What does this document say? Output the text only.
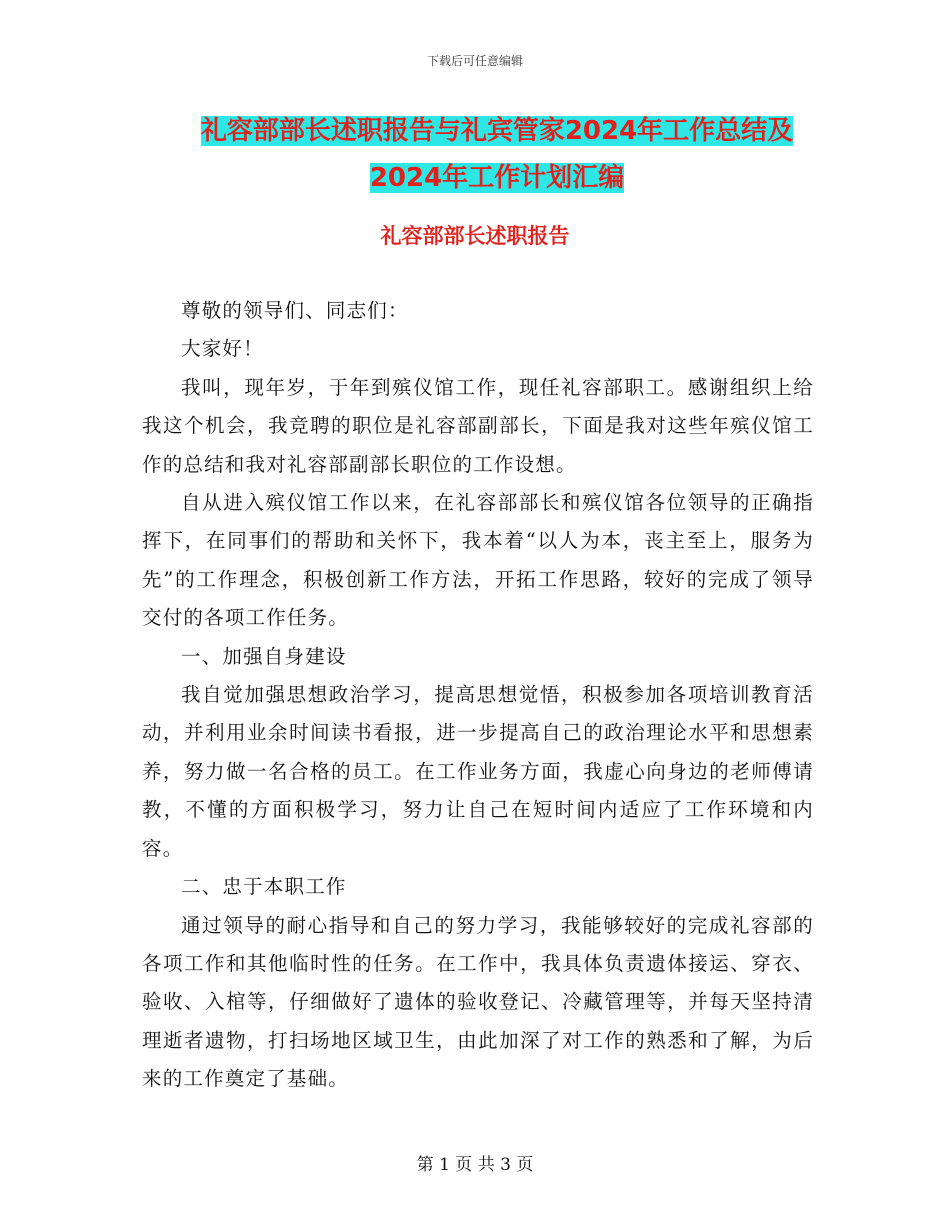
下载后可任意编辑
礼容部部长述职报告与礼宾管家2024年工作总结及
2024年工作计划汇编
礼容部部长述职报告

尊敬的领导们、同志们：

大家好！

我叫，现年岁，于年到殡仪馆工作，现任礼容部职工。感谢组织上给我这个机会，我竞聘的职位是礼容部副部长，下面是我对这些年殡仪馆工作的总结和我对礼容部副部长职位的工作设想。

自从进入殡仪馆工作以来，在礼容部部长和殡仪馆各位领导的正确指挥下，在同事们的帮助和关怀下，我本着“以人为本，丧主至上，服务为先”的工作理念，积极创新工作方法，开拓工作思路，较好的完成了领导交付的各项工作任务。

一、加强自身建设

我自觉加强思想政治学习，提高思想觉悟，积极参加各项培训教育活动，并利用业余时间读书看报，进一步提高自己的政治理论水平和思想素养，努力做一名合格的员工。在工作业务方面，我虚心向身边的老师傅请教，不懂的方面积极学习，努力让自己在短时间内适应了工作环境和内容。

二、忠于本职工作

通过领导的耐心指导和自己的努力学习，我能够较好的完成礼容部的各项工作和其他临时性的任务。在工作中，我具体负责遗体接运、穿衣、验收、入棺等，仔细做好了遗体的验收登记、冷藏管理等，并每天坚持清理逝者遗物，打扫场地区域卫生，由此加深了对工作的熟悉和了解，为后来的工作奠定了基础。

第 1 页 共 3 页
